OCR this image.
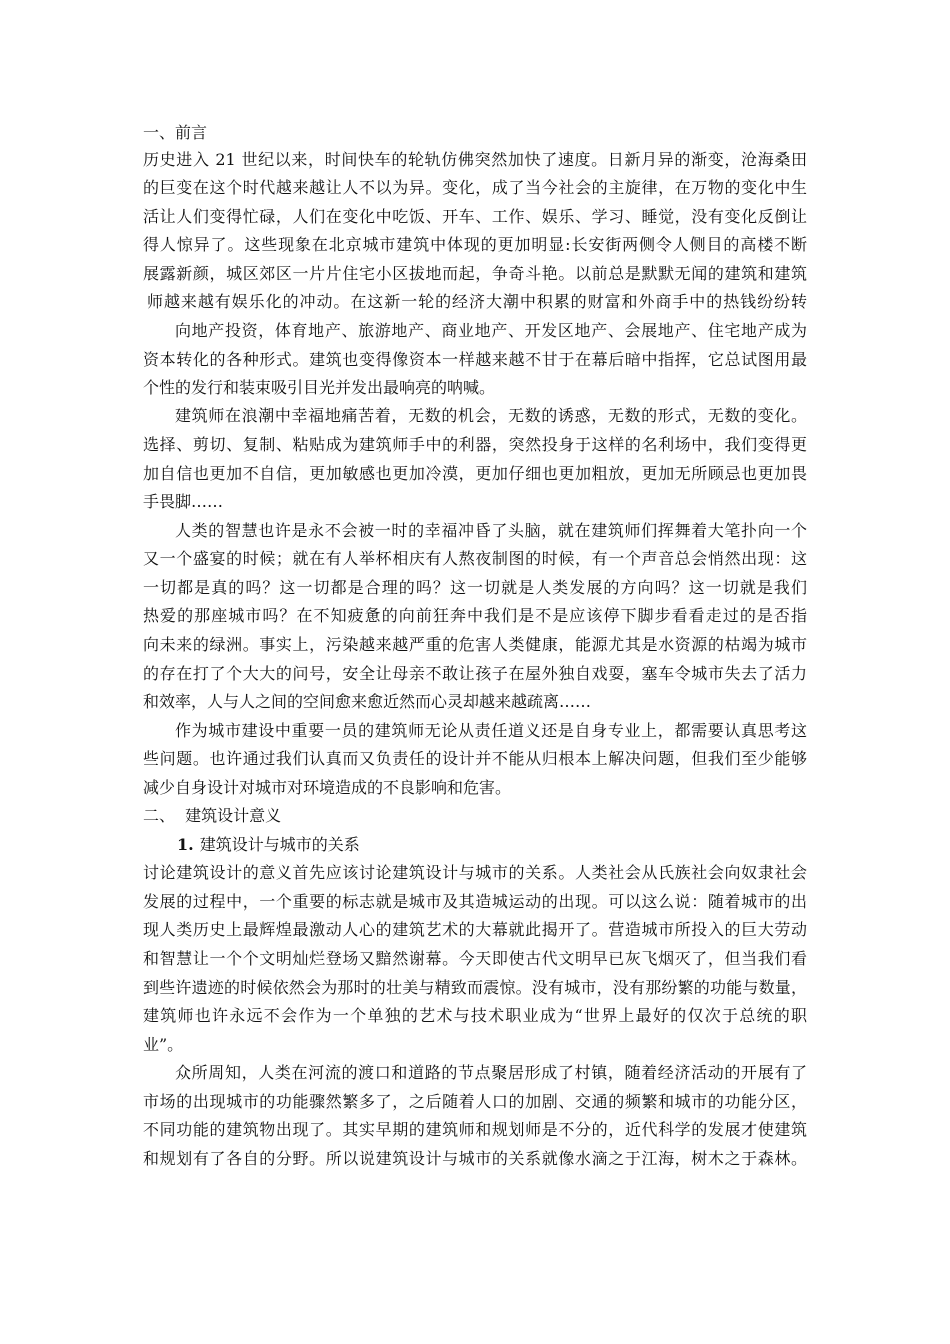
一、前言
历史进入 21 世纪以来，时间快车的轮轨仿佛突然加快了速度。日新月异的渐变，沧海桑田
的巨变在这个时代越来越让人不以为异。变化，成了当今社会的主旋律，在万物的变化中生
活让人们变得忙碌，人们在变化中吃饭、开车、工作、娱乐、学习、睡觉，没有变化反倒让
得人惊异了。这些现象在北京城市建筑中体现的更加明显:长安街两侧令人侧目的高楼不断
展露新颜，城区郊区一片片住宅小区拔地而起，争奇斗艳。以前总是默默无闻的建筑和建筑
师越来越有娱乐化的冲动。在这新一轮的经济大潮中积累的财富和外商手中的热钱纷纷转
向地产投资，体育地产、旅游地产、商业地产、开发区地产、会展地产、住宅地产成为
资本转化的各种形式。建筑也变得像资本一样越来越不甘于在幕后暗中指挥，它总试图用最
个性的发行和装束吸引目光并发出最响亮的呐喊。
建筑师在浪潮中幸福地痛苦着，无数的机会，无数的诱惑，无数的形式，无数的变化。
选择、剪切、复制、粘贴成为建筑师手中的利器，突然投身于这样的名利场中，我们变得更
加自信也更加不自信，更加敏感也更加冷漠，更加仔细也更加粗放，更加无所顾忌也更加畏
手畏脚……
人类的智慧也许是永不会被一时的幸福冲昏了头脑，就在建筑师们挥舞着大笔扑向一个
又一个盛宴的时候；就在有人举杯相庆有人熬夜制图的时候，有一个声音总会悄然出现：这
一切都是真的吗？这一切都是合理的吗？这一切就是人类发展的方向吗？这一切就是我们
热爱的那座城市吗？在不知疲惫的向前狂奔中我们是不是应该停下脚步看看走过的是否指
向未来的绿洲。事实上，污染越来越严重的危害人类健康，能源尤其是水资源的枯竭为城市
的存在打了个大大的问号，安全让母亲不敢让孩子在屋外独自戏耍，塞车令城市失去了活力
和效率，人与人之间的空间愈来愈近然而心灵却越来越疏离……
作为城市建设中重要一员的建筑师无论从责任道义还是自身专业上，都需要认真思考这
些问题。也许通过我们认真而又负责任的设计并不能从归根本上解决问题，但我们至少能够
减少自身设计对城市对环境造成的不良影响和危害。
二、  建筑设计意义
1. 建筑设计与城市的关系
讨论建筑设计的意义首先应该讨论建筑设计与城市的关系。人类社会从氏族社会向奴隶社会
发展的过程中，一个重要的标志就是城市及其造城运动的出现。可以这么说：随着城市的出
现人类历史上最辉煌最激动人心的建筑艺术的大幕就此揭开了。营造城市所投入的巨大劳动
和智慧让一个个文明灿烂登场又黯然谢幕。今天即使古代文明早已灰飞烟灭了，但当我们看
到些许遗迹的时候依然会为那时的壮美与精致而震惊。没有城市，没有那纷繁的功能与数量，
建筑师也许永远不会作为一个单独的艺术与技术职业成为“世界上最好的仅次于总统的职
业”。
众所周知，人类在河流的渡口和道路的节点聚居形成了村镇，随着经济活动的开展有了
市场的出现城市的功能骤然繁多了，之后随着人口的加剧、交通的频繁和城市的功能分区，
不同功能的建筑物出现了。其实早期的建筑师和规划师是不分的，近代科学的发展才使建筑
和规划有了各自的分野。所以说建筑设计与城市的关系就像水滴之于江海，树木之于森林。
